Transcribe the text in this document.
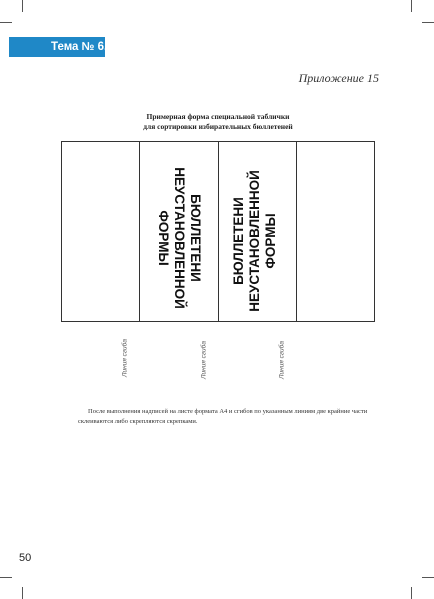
Тема № 6.8
Приложение 15
Примерная форма специальной таблички
для сортировки избирательных бюллетеней
БЮЛЛЕТЕНИ
НЕУСТАНОВЛЕННОЙ
ФОРМЫ	БЮЛЛЕТЕНИ НЕУСТАНОВЛЕННОЙ ФОРМЫ
Линия сгиба	Линия сгиба	Линия сгиба

После выполнения надписей на листе формата А4 и сгибов по указанным линиям две крайние части склеиваются либо скрепляются скрепками.

50
